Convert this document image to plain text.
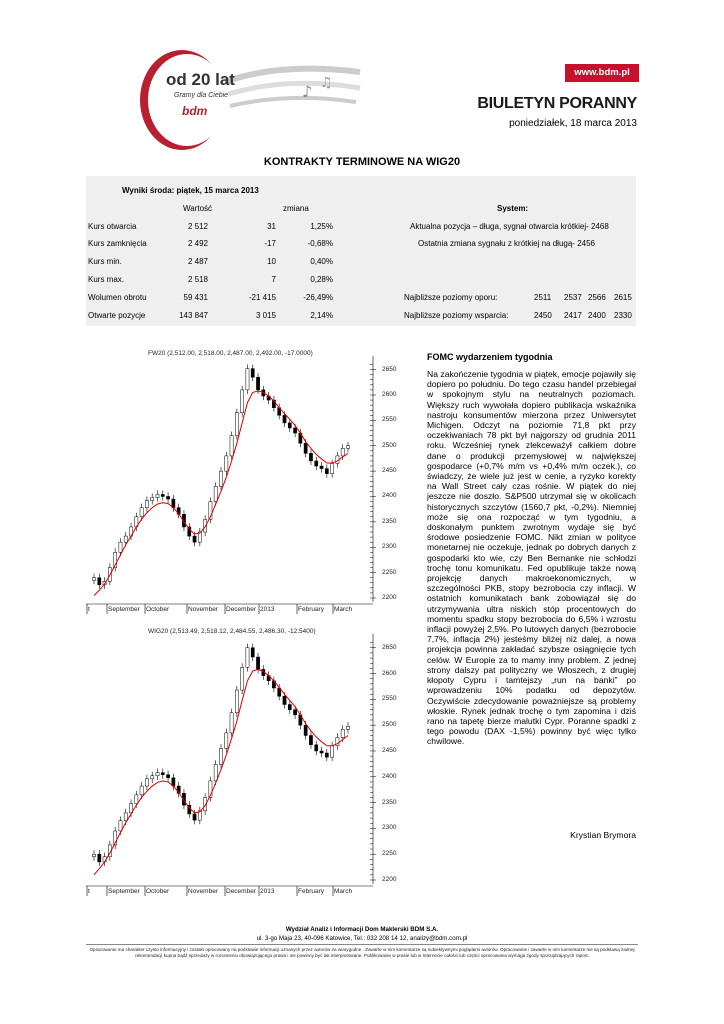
♪ ♫
od 20 lat
Gramy dla Ciebie
bdm
www.bdm.pl
BIULETYN PORANNY
poniedziałek, 18 marca 2013
KONTRAKTY TERMINOWE NA WIG20
Wyniki środa: piątek, 15 marca 2013
Wartość	zmiana	System:
Kurs otwarcia	2 512	31	1,25%
Kurs zamknięcia	2 492	-17	-0,68%
Kurs min.	2 487	10	0,40%
Kurs max.	2 518	7	0,28%
Wolumen obrotu	59 431	-21 415	-26,49%
Otwarte pozycje	143 847	3 015	2,14%
Aktualna pozycja – długa, sygnał otwarcia krótkiej- 2468
Ostatnia zmiana sygnału z krótkiej na długą- 2456
Najbliższe poziomy oporu:	2511 2537 2566 2615
Najbliższe poziomy wsparcia:	2450 2417 2400 2330
FW20 (2,512.00, 2,518.00, 2,487.00, 2,492.00, -17.0000)
2200
2250
2300
2350
2400
2450
2500
2550
2600
2650
t	September October	November December 2013	February March
WIG20 (2,513.49, 2,518.12, 2,484.55, 2,486.30, -12.5400)
2200
2250
2300
2350
2400
2450
2500
2550
2600
2650
t	September October	November December 2013	February March
FOMC wydarzeniem tygodnia
Na zakończenie tygodnia w piątek, emocje pojawiły się dopiero po południu. Do tego czasu handel przebiegał w spokojnym stylu na neutralnych poziomach. Większy ruch wywołała dopiero publikacja wskaźnika nastroju konsumentów mierzona przez Uniwersytet Michigen. Odczyt na poziomie 71,8 pkt przy oczekiwaniach 78 pkt był najgorszy od grudnia 2011 roku. Wcześniej rynek zlekceważył całkiem dobre dane o produkcji przemysłowej w największej gospodarce (+0,7% m/m vs +0,4% m/m oczek.), co świadczy, że wiele już jest w cenie, a ryzyko korekty na Wall Street cały czas rośnie. W piątek do niej jeszcze nie doszło. S&P500 utrzymał się w okolicach historycznych szczytów (1560,7 pkt, -0,2%). Niemniej może się ona rozpocząć w tym tygodniu, a doskonałym punktem zwrotnym wydaje się być środowe posiedzenie FOMC. Nikt zmian w polityce monetarnej nie oczekuje, jednak po dobrych danych z gospodarki kto wie, czy Ben Bernanke nie schłodzi trochę tonu komunikatu. Fed opublikuje także nową projekcję danych makroekonomicznych, w szczególności PKB, stopy bezrobocia czy inflacji. W ostatnich komunikatach bank zobowiązał się do utrzymywania ultra niskich stóp procentowych do momentu spadku stopy bezrobocia do 6,5% i wzrostu inflacji powyżej 2,5%. Po lutowych danych (bezrobocie 7,7%, inflacja 2%) jesteśmy bliżej niż dalej, a nowa projekcja powinna zakładać szybsze osiągnięcie tych celów. W Europie za to mamy inny problem. Z jednej strony dalszy pat polityczny we Włoszech, z drugiej kłopoty Cypru i tamtejszy „run na banki” po wprowadzeniu 10% podatku od depozytów. Oczywiście zdecydowanie poważniejsze są problemy włoskie. Rynek jednak trochę o tym zapomina i dziś rano na tapetę bierze malutki Cypr. Poranne spadki z tego powodu (DAX -1,5%) powinny być więc tylko chwilowe.
Krystian Brymora
Wydział Analiz i Informacji Dom Maklerski BDM S.A.
ul. 3-go Maja 23, 40-096 Katowice, Tel.: 032 208 14 12, analizy@bdm.com.pl
Opracowanie ma charakter czysto informacyjny i zostało opracowany na podstawie informacji uznanych przez autorów za wiarygodne . Zawarte w nim komentarze są subiektywnymi poglądami autorów. Opracowanie i zawarte w nim komentarze nie są podstawą żadnej rekomendacji kupna bądź sprzedaży w rozumieniu obowiązującego prawa i nie powinny być tak interpretowane. Publikowanie w prasie lub w Internecie całości lub części opracowania wymaga zgody sporządzających raport.
